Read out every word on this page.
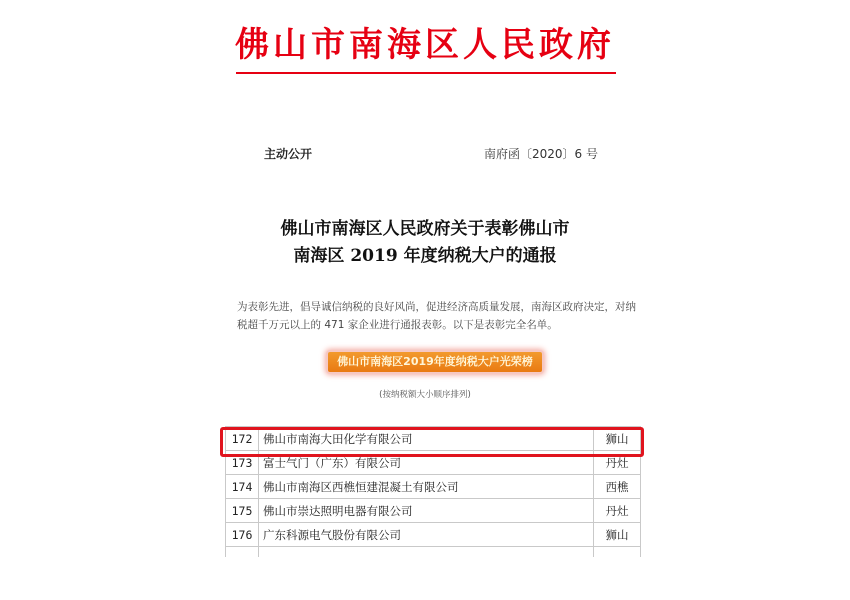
佛山市南海区人民政府
主动公开	南府函〔2020〕6 号
佛山市南海区人民政府关于表彰佛山市
南海区 2019 年度纳税大户的通报
为表彰先进，倡导诚信纳税的良好风尚，促进经济高质量发展，南海区政府决定，对纳
税超千万元以上的 471 家企业进行通报表彰。以下是表彰完全名单。
佛山市南海区2019年度纳税大户光荣榜
(按纳税额大小顺序排列)
172	佛山市南海大田化学有限公司	狮山
173	富士气门（广东）有限公司	丹灶
174	佛山市南海区西樵恒建混凝土有限公司	西樵
175	佛山市崇达照明电器有限公司	丹灶
176	广东科源电气股份有限公司	狮山
